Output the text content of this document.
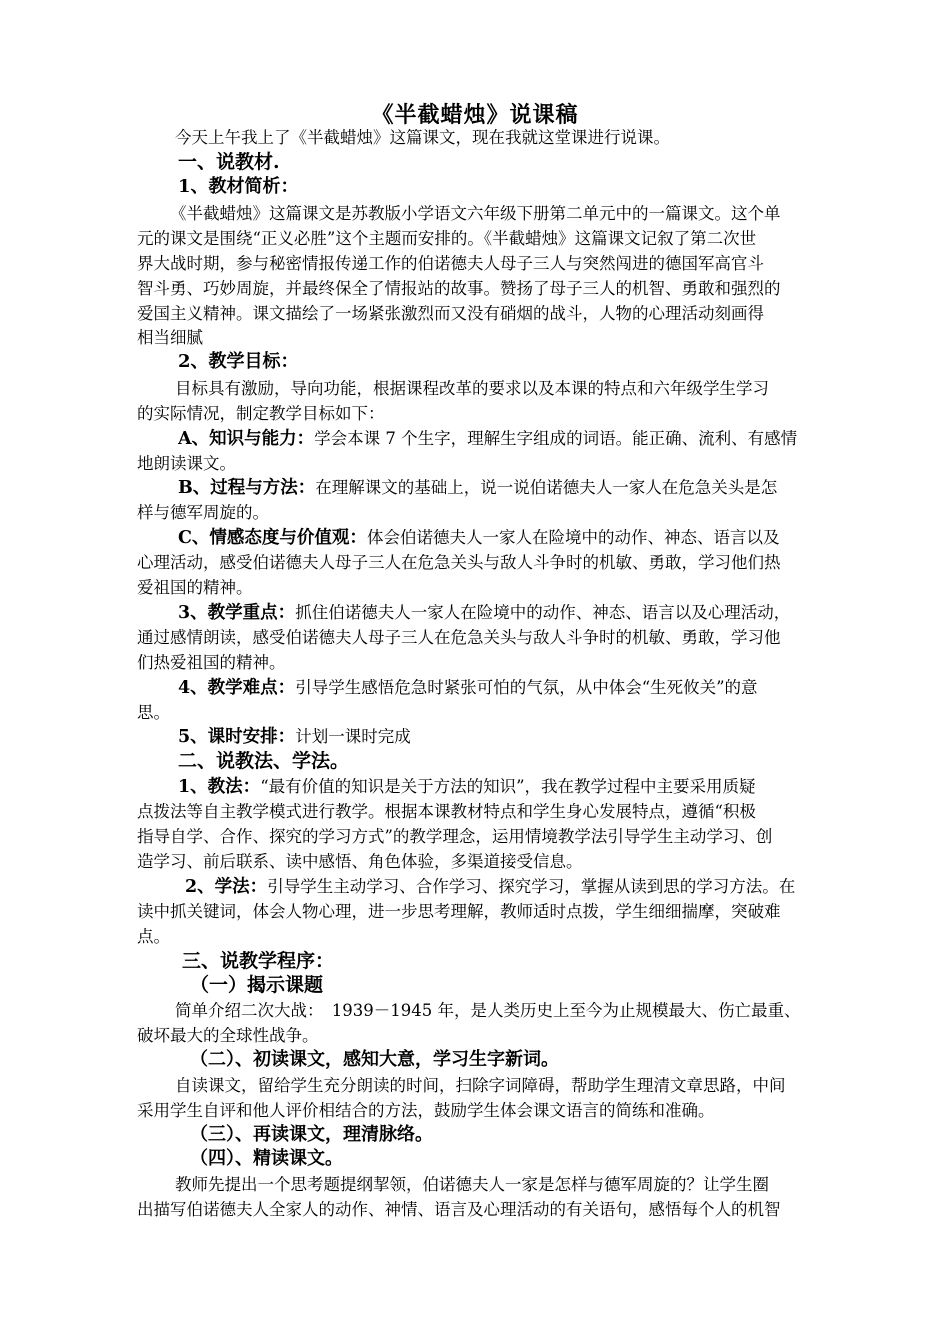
《半截蜡烛》说课稿
今天上午我上了《半截蜡烛》这篇课文，现在我就这堂课进行说课。
一、说教材.
1、教材简析：
《半截蜡烛》这篇课文是苏教版小学语文六年级下册第二单元中的一篇课文。这个单
元的课文是围绕“正义必胜”这个主题而安排的。《半截蜡烛》这篇课文记叙了第二次世
界大战时期，参与秘密情报传递工作的伯诺德夫人母子三人与突然闯进的德国军高官斗
智斗勇、巧妙周旋，并最终保全了情报站的故事。赞扬了母子三人的机智、勇敢和强烈的
爱国主义精神。课文描绘了一场紧张激烈而又没有硝烟的战斗，人物的心理活动刻画得
相当细腻
2、教学目标：
目标具有激励，导向功能，根据课程改革的要求以及本课的特点和六年级学生学习
的实际情况，制定教学目标如下：
A、知识与能力：学会本课 7 个生字，理解生字组成的词语。能正确、流利、有感情
地朗读课文。
B、过程与方法：在理解课文的基础上，说一说伯诺德夫人一家人在危急关头是怎
样与德军周旋的。
C、情感态度与价值观：体会伯诺德夫人一家人在险境中的动作、神态、语言以及
心理活动，感受伯诺德夫人母子三人在危急关头与敌人斗争时的机敏、勇敢，学习他们热
爱祖国的精神。
3、教学重点：抓住伯诺德夫人一家人在险境中的动作、神态、语言以及心理活动，
通过感情朗读，感受伯诺德夫人母子三人在危急关头与敌人斗争时的机敏、勇敢，学习他
们热爱祖国的精神。
4、教学难点：引导学生感悟危急时紧张可怕的气氛，从中体会“生死攸关”的意
思。
5、课时安排：计划一课时完成
二、说教法、学法。
1、教法：“最有价值的知识是关于方法的知识”，我在教学过程中主要采用质疑
点拨法等自主教学模式进行教学。根据本课教材特点和学生身心发展特点，遵循“积极
指导自学、合作、探究的学习方式”的教学理念，运用情境教学法引导学生主动学习、创
造学习、前后联系、读中感悟、角色体验，多渠道接受信息。
2、学法：引导学生主动学习、合作学习、探究学习，掌握从读到思的学习方法。在
读中抓关键词，体会人物心理，进一步思考理解，教师适时点拨，学生细细揣摩，突破难
点。
三、说教学程序：
（一）揭示课题
简单介绍二次大战：　1939－1945 年，是人类历史上至今为止规模最大、伤亡最重、
破坏最大的全球性战争。
（二）、初读课文，感知大意，学习生字新词。
自读课文，留给学生充分朗读的时间，扫除字词障碍，帮助学生理清文章思路，中间
采用学生自评和他人评价相结合的方法，鼓励学生体会课文语言的简练和准确。
（三）、再读课文，理清脉络。
（四）、精读课文。
教师先提出一个思考题提纲挈领，伯诺德夫人一家是怎样与德军周旋的？让学生圈
出描写伯诺德夫人全家人的动作、神情、语言及心理活动的有关语句，感悟每个人的机智
